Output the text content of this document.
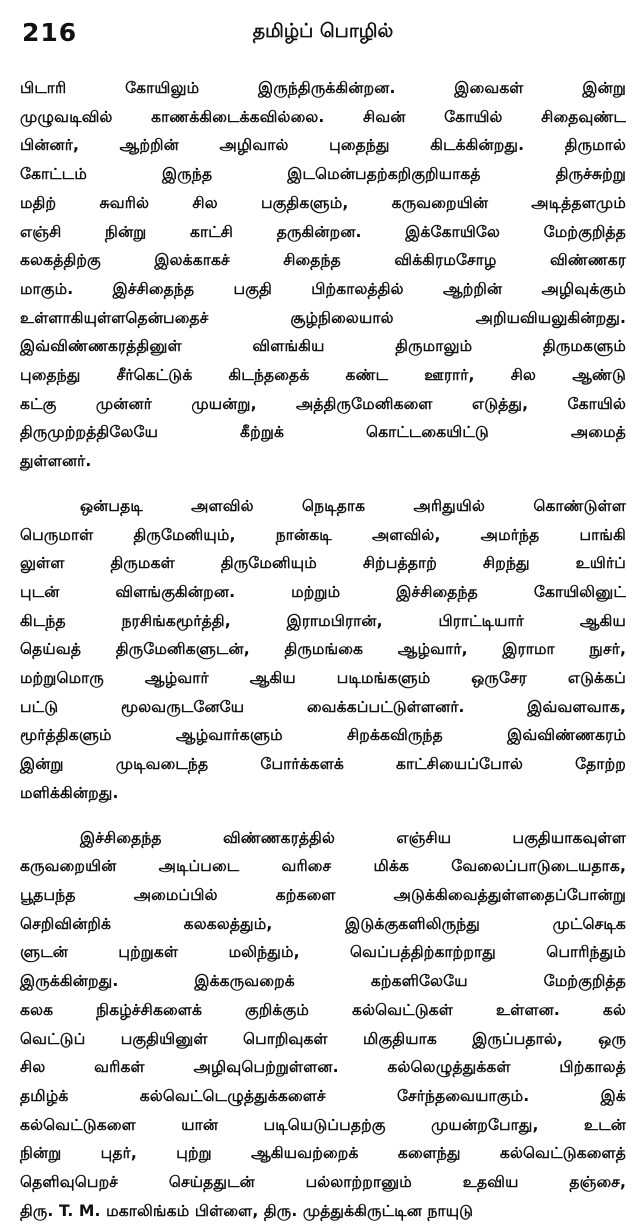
216	தமிழ்ப் பொழில்
பிடாரி கோயிலும் இருந்திருக்கின்றன. இவைகள் இன்று
முழுவடிவில் காணக்கிடைக்கவில்லை. சிவன் கோயில் சிதைவுண்ட
பின்னர், ஆற்றின் அழிவால் புதைந்து கிடக்கின்றது. திருமால்
கோட்டம் இருந்த இடமென்பதற்கறிகுறியாகத் திருச்சுற்று
மதிற் சுவரில் சில பகுதிகளும், கருவறையின் அடித்தளமும்
எஞ்சி நின்று காட்சி தருகின்றன. இக்கோயிலே மேற்குறித்த
கலகத்திற்கு இலக்காகச் சிதைந்த விக்கிரமசோழ விண்ணகர
மாகும். இச்சிதைந்த பகுதி பிற்காலத்தில் ஆற்றின் அழிவுக்கும்
உள்ளாகியுள்ளதென்பதைச் சூழ்நிலையால் அறியவியலுகின்றது.
இவ்விண்ணகரத்தினுள் விளங்கிய திருமாலும் திருமகளும்
புதைந்து சீர்கெட்டுக் கிடந்ததைக் கண்ட ஊரார், சில ஆண்டு
கட்கு முன்னர் முயன்று, அத்திருமேனிகளை எடுத்து, கோயில்
திருமுற்றத்திலேயே கீற்றுக் கொட்டகையிட்டு அமைத்
துள்ளனர்.
ஒன்பதடி அளவில் நெடிதாக அரிதுயில் கொண்டுள்ள
பெருமாள் திருமேனியும், நான்கடி அளவில், அமர்ந்த பாங்கி
லுள்ள திருமகள் திருமேனியும் சிற்பத்தாற் சிறந்து உயிர்ப்
புடன் விளங்குகின்றன. மற்றும் இச்சிதைந்த கோயிலினுட்
கிடந்த நரசிங்கமூர்த்தி, இராமபிரான், பிராட்டியார் ஆகிய
தெய்வத் திருமேனிகளுடன், திருமங்கை ஆழ்வார், இராமா நுசர்,
மற்றுமொரு ஆழ்வார் ஆகிய படிமங்களும் ஒருசேர எடுக்கப்
பட்டு மூலவருடனேயே வைக்கப்பட்டுள்ளனர். இவ்வளவாக,
மூர்த்திகளும் ஆழ்வார்களும் சிறக்கவிருந்த இவ்விண்ணகரம்
இன்று முடிவடைந்த போர்க்களக் காட்சியைப்போல் தோற்ற
மளிக்கின்றது.
இச்சிதைந்த விண்ணகரத்தில் எஞ்சிய பகுதியாகவுள்ள
கருவறையின் அடிப்படை வரிசை மிக்க வேலைப்பாடுடையதாக,
பூதபந்த அமைப்பில் கற்களை அடுக்கிவைத்துள்ளதைப்போன்று
செறிவின்றிக் கலகலத்தும், இடுக்குகளிலிருந்து முட்செடிக
ளுடன் புற்றுகள் மலிந்தும், வெப்பத்திற்காற்றாது பொரிந்தும்
இருக்கின்றது. இக்கருவறைக் கற்களிலேயே மேற்குறித்த
கலக நிகழ்ச்சிகளைக் குறிக்கும் கல்வெட்டுகள் உள்ளன. கல்
வெட்டுப் பகுதியினுள் பொறிவுகள் மிகுதியாக இருப்பதால், ஒரு
சில வரிகள் அழிவுபெற்றுள்ளன. கல்லெழுத்துக்கள் பிற்காலத்
தமிழ்க் கல்வெட்டெழுத்துக்களைச் சேர்ந்தவையாகும். இக்
கல்வெட்டுகளை யான் படியெடுப்பதற்கு முயன்றபோது, உடன்
நின்று புதர், புற்று ஆகியவற்றைக் களைந்து கல்வெட்டுகளைத்
தெளிவுபெறச் செய்ததுடன் பல்லாற்றானும் உதவிய தஞ்சை,
திரு. T. M. மகாலிங்கம் பிள்ளை, திரு. முத்துக்கிருட்டின நாயுடு
